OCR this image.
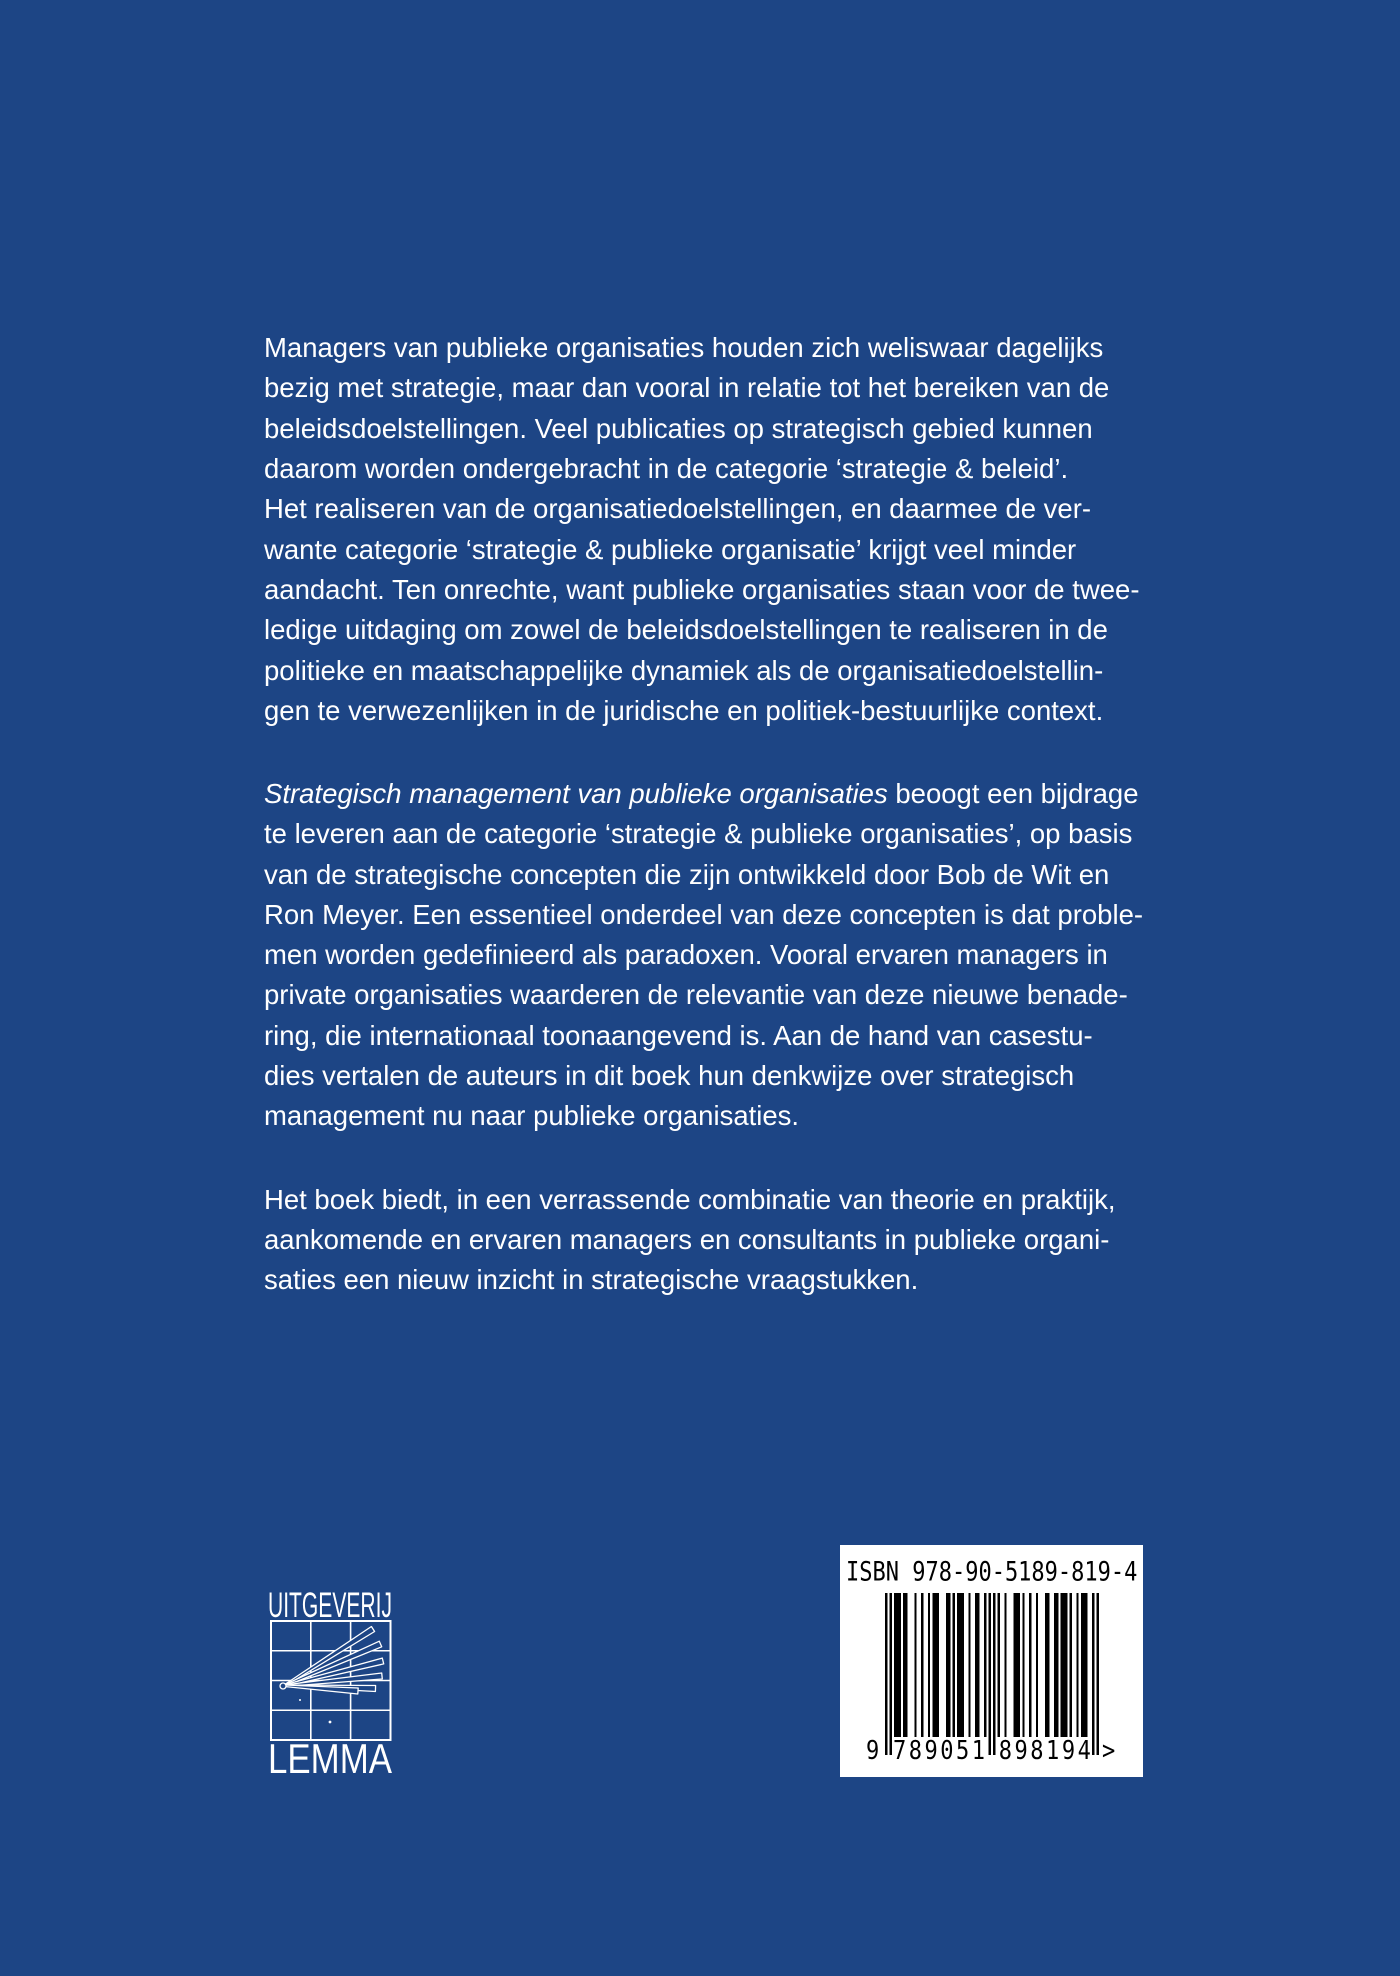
Managers van publieke organisaties houden zich weliswaar dagelijks
bezig met strategie, maar dan vooral in relatie tot het bereiken van de
beleidsdoelstellingen. Veel publicaties op strategisch gebied kunnen
daarom worden ondergebracht in de categorie ‘strategie & beleid’.
Het realiseren van de organisatiedoelstellingen, en daarmee de ver-
wante categorie ‘strategie & publieke organisatie’ krijgt veel minder
aandacht. Ten onrechte, want publieke organisaties staan voor de twee-
ledige uitdaging om zowel de beleidsdoelstellingen te realiseren in de
politieke en maatschappelijke dynamiek als de organisatiedoelstellin-
gen te verwezenlijken in de juridische en politiek-bestuurlijke context.
Strategisch management van publieke organisaties beoogt een bijdrage
te leveren aan de categorie ‘strategie & publieke organisaties’, op basis
van de strategische concepten die zijn ontwikkeld door Bob de Wit en
Ron Meyer. Een essentieel onderdeel van deze concepten is dat proble-
men worden gedefinieerd als paradoxen. Vooral ervaren managers in
private organisaties waarderen de relevantie van deze nieuwe benade-
ring, die internationaal toonaangevend is. Aan de hand van casestu-
dies vertalen de auteurs in dit boek hun denkwijze over strategisch
management nu naar publieke organisaties.
Het boek biedt, in een verrassende combinatie van theorie en praktijk,
aankomende en ervaren managers en consultants in publieke organi-
saties een nieuw inzicht in strategische vraagstukken.
UITGEVERIJ
LEMMA
ISBN 978-90-5189-819-4
9 789051 898194 >
